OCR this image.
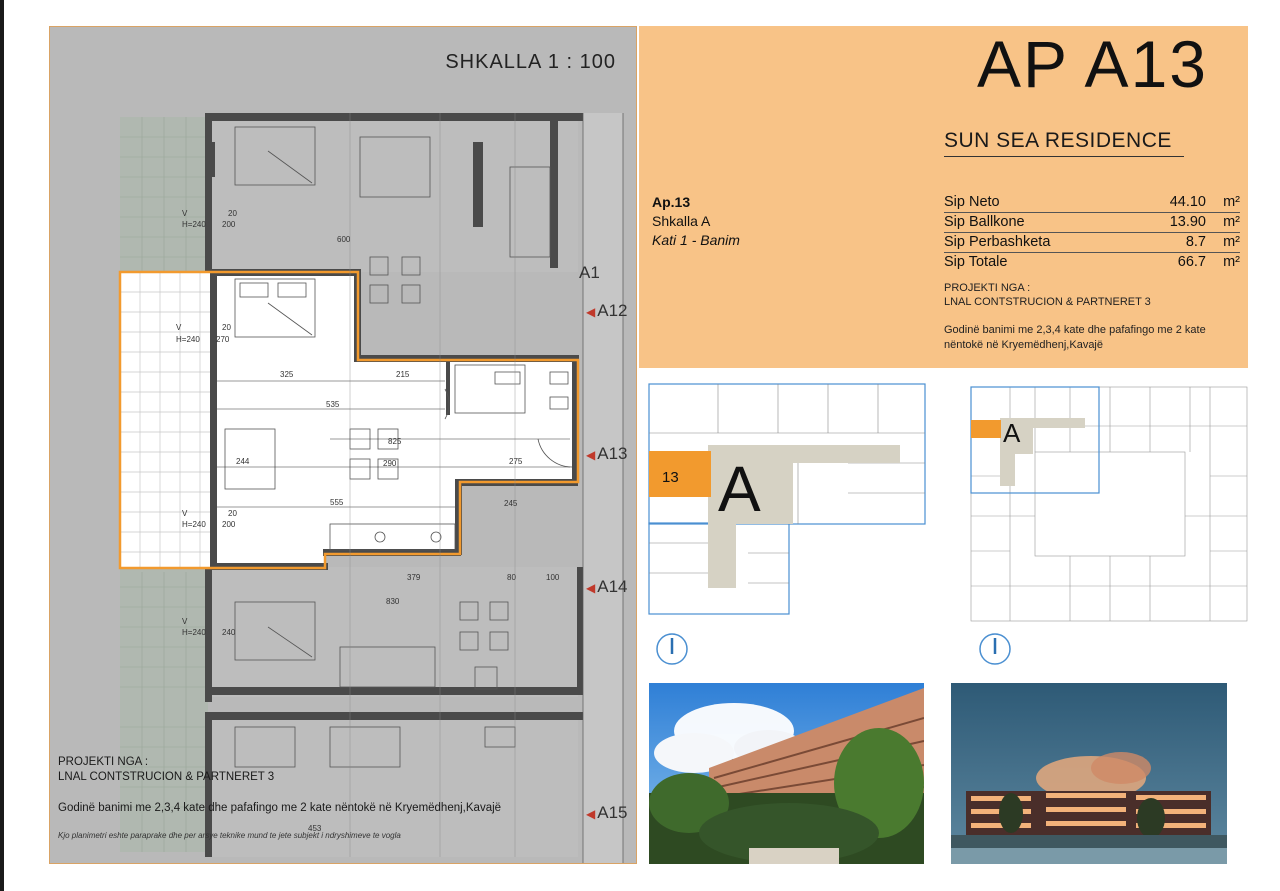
SHKALLA 1 : 100
V
H=240
20
200
V
H=240
20
270
V
H=240
20
200
V
H=240 240
325	215
535
825
244	290	275
555	245
379	80	100
830
453
600
A1
◀ A12
◀ A13
◀ A14
◀ A15
PROJEKTI NGA :
LNAL CONTSTRUCION & PARTNERET 3
Godinë banimi me 2,3,4 kate dhe pafafingo me 2 kate nëntokë në Kryemëdhenj,Kavajë
Kjo planimetri eshte paraprake dhe per arsye teknike mund te jete subjekt i ndryshimeve te vogla
AP A13
SUN SEA RESIDENCE
Ap.13
Shkalla A
Kati 1 - Banim
Sip Neto	44.10	m²
Sip Ballkone	13.90	m²
Sip Perbashketa	8.7	m²
Sip Totale	66.7	m²
PROJEKTI NGA :
LNAL CONTSTRUCION & PARTNERET 3
Godinë banimi me 2,3,4 kate dhe pafafingo me 2 kate nëntokë në Kryemëdhenj,Kavajë
13 A
A
